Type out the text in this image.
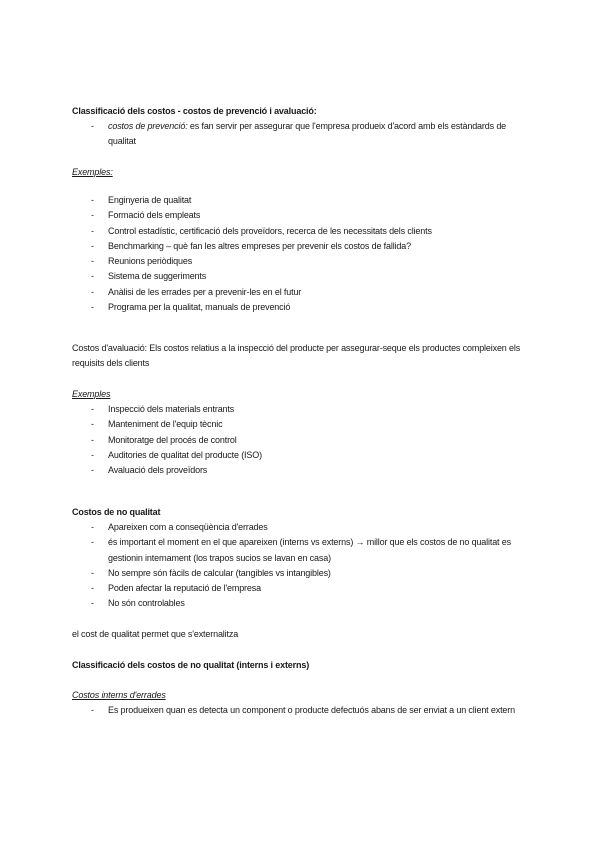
Classificació dels costos - costos de prevenció i avaluació:

- costos de prevenció: es fan servir per assegurar que l'empresa produeix d'acord amb els estàndards de qualitat

Exemples:

- Enginyeria de qualitat
- Formació dels empleats
- Control estadístic, certificació dels proveïdors, recerca de les necessitats dels clients
- Benchmarking – què fan les altres empreses per prevenir els costos de fallida?
- Reunions periòdiques
- Sistema de suggeriments
- Anàlisi de les errades per a prevenir-les en el futur
- Programa per la qualitat, manuals de prevenció

Costos d'avaluació: Els costos relatius a la inspecció del producte per assegurar-seque els productes compleixen els requisits dels clients

Exemples

- Inspecció dels materials entrants
- Manteniment de l'equip tècnic
- Monitoratge del procés de control
- Auditories de qualitat del producte (ISO)
- Avaluació dels proveïdors

Costos de no qualitat

- Apareixen com a conseqüència d'errades
- és important el moment en el que apareixen (interns vs externs) → millor que els costos de no qualitat es gestionin internament (los trapos sucios se lavan en casa)
- No sempre són fàcils de calcular (tangibles vs intangibles)
- Poden afectar la reputació de l'empresa
- No són controlables

el cost de qualitat permet que s'externalitza

Classificació dels costos de no qualitat (interns i externs)

Costos interns d'errades

- Es produeixen quan es detecta un component o producte defectuós abans de ser enviat a un client extern
